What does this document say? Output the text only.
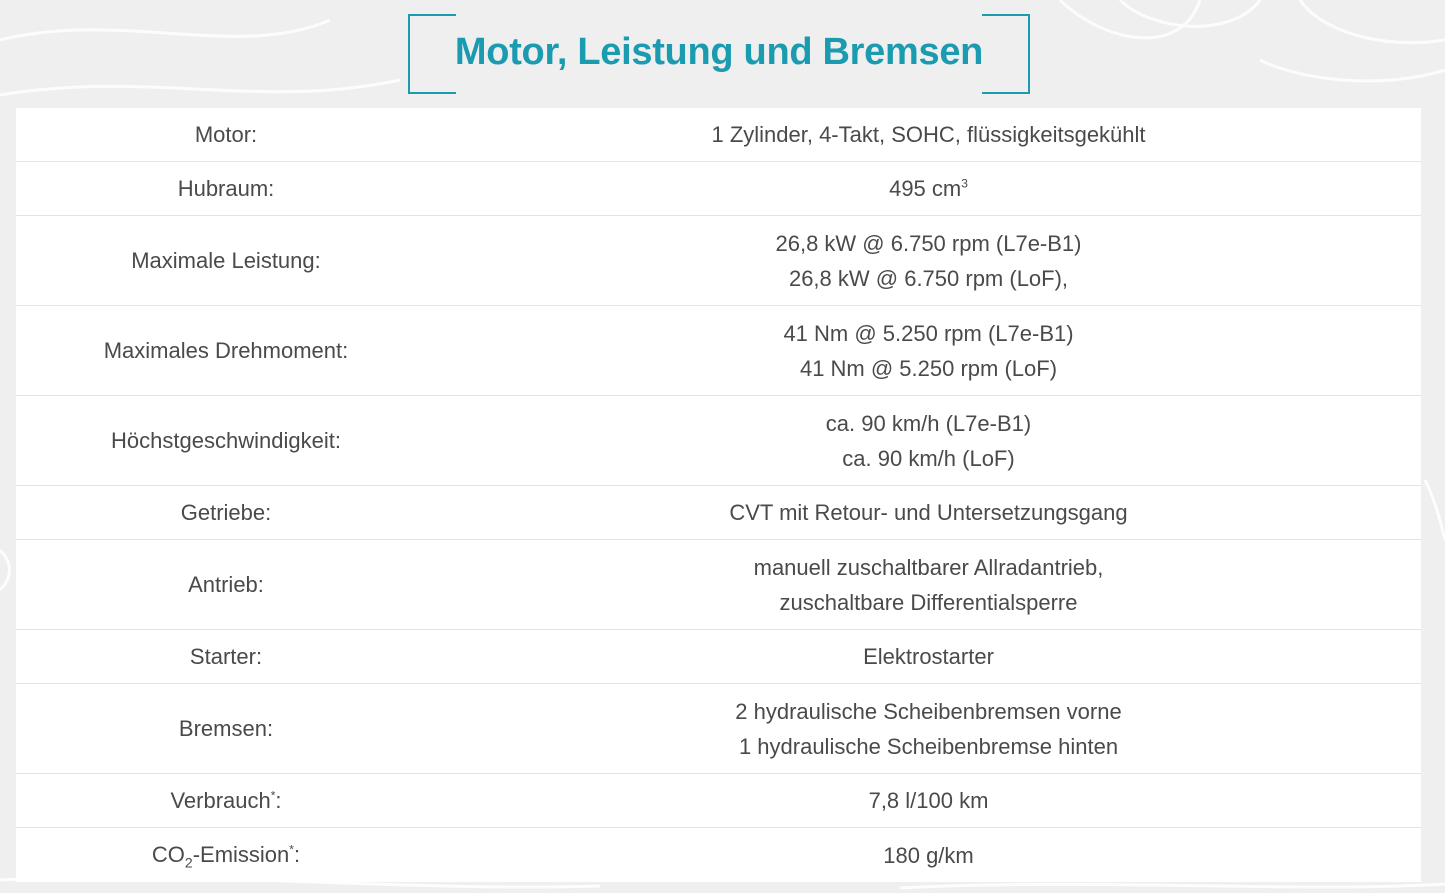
Motor, Leistung und Bremsen
Motor:	1 Zylinder, 4-Takt, SOHC, flüssigkeitsgekühlt
Hubraum:	495 $cm^3$
Maximale Leistung:
26,8 kW @ 6.750 rpm (L7e-B1)
26,8 kW @ 6.750 rpm (LoF),
Maximales Drehmoment:
41 Nm @ 5.250 rpm (L7e-B1)
41 Nm @ 5.250 rpm (LoF)
Höchstgeschwindigkeit:
ca. 90 km/h (L7e-B1)
ca. 90 km/h (LoF)
Getriebe:	CVT mit Retour- und Untersetzungsgang
Antrieb:
manuell zuschaltbarer Allradantrieb,
zuschaltbare Differentialsperre
Starter:	Elektrostarter
Bremsen:
2 hydraulische Scheibenbremsen vorne
1 hydraulische Scheibenbremse hinten
Verbrauch*:	7,8 l/100 km
$CO_2-Emission^*$:	180 g/km
